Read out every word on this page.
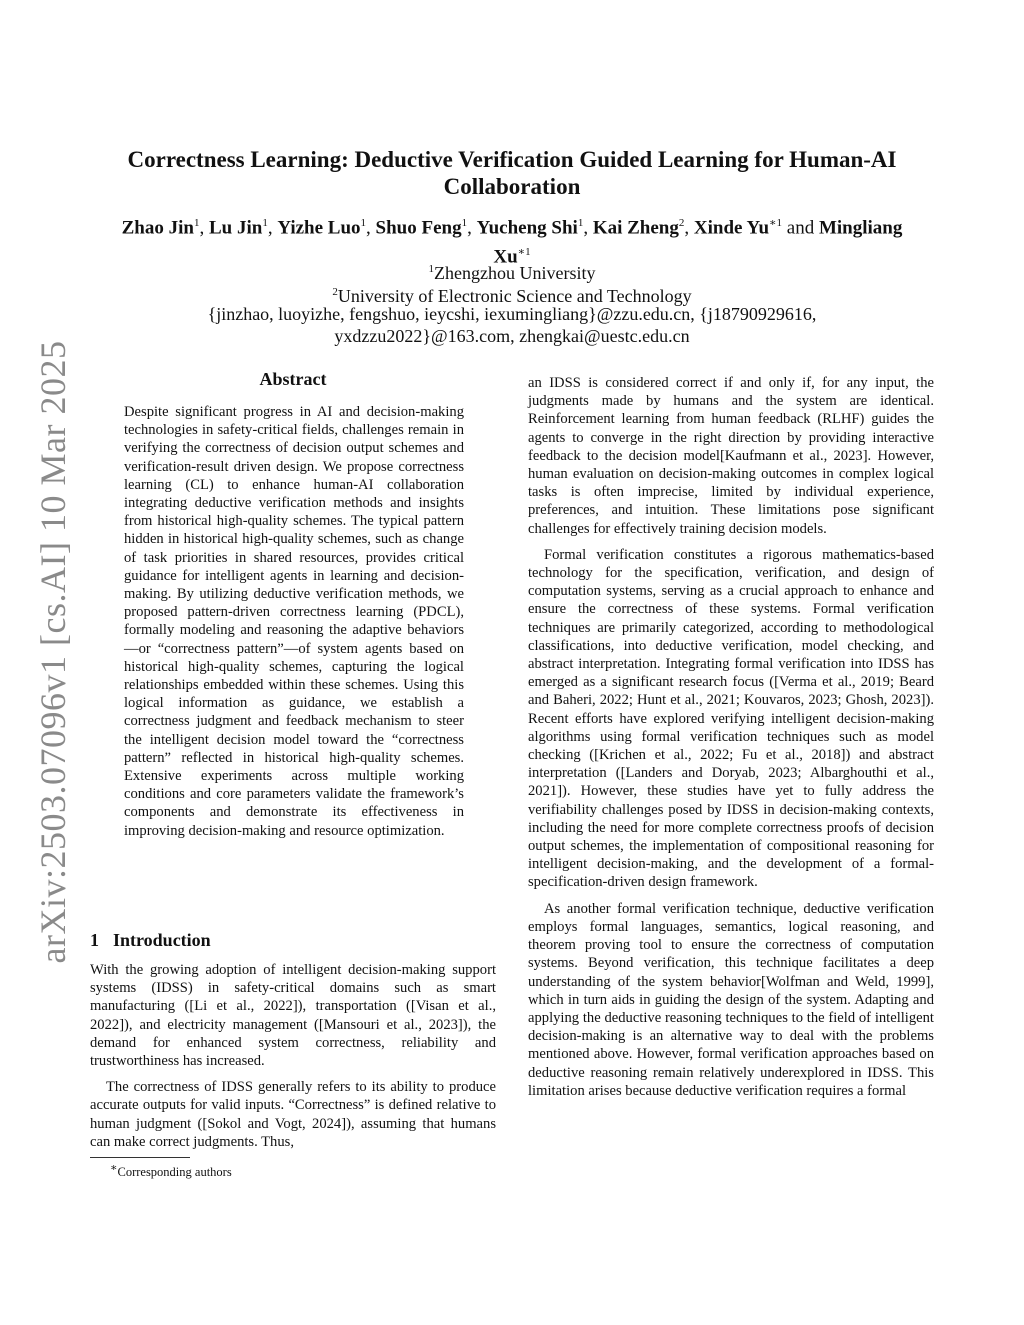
arXiv:2503.07096v1 [cs.AI] 10 Mar 2025
Correctness Learning: Deductive Verification Guided Learning for Human-AI Collaboration
Zhao Jin$^1$, Lu Jin$^1$, Yizhe Luo$^1$, Shuo Feng$^1$, Yucheng Shi$^1$, Kai Zheng$^2$, Xinde $Yu^{∗1}$ and Mingliang $Xu^{∗1}$
$^1$Zhengzhou University
$^2$University of Electronic Science and Technology
{jinzhao, luoyizhe, fengshuo, ieycshi, iexumingliang}@zzu.edu.cn, {j18790929616, yxdzzu2022}@163.com, zhengkai@uestc.edu.cn
Abstract
Despite significant progress in AI and decision-making technologies in safety-critical fields, challenges remain in verifying the correctness of decision output schemes and verification-result driven design. We propose correctness learning (CL) to enhance human-AI collaboration integrating deductive verification methods and insights from historical high-quality schemes. The typical pattern hidden in historical high-quality schemes, such as change of task priorities in shared resources, provides critical guidance for intelligent agents in learning and decision-making. By utilizing deductive verification methods, we proposed pattern-driven correctness learning (PDCL), formally modeling and reasoning the adaptive behaviors—or “correctness pattern”—of system agents based on historical high-quality schemes, capturing the logical relationships embedded within these schemes. Using this logical information as guidance, we establish a correctness judgment and feedback mechanism to steer the intelligent decision model toward the “correctness pattern” reflected in historical high-quality schemes. Extensive experiments across multiple working conditions and core parameters validate the framework’s components and demonstrate its effectiveness in improving decision-making and resource optimization.
1 Introduction

With the growing adoption of intelligent decision-making support systems (IDSS) in safety-critical domains such as smart manufacturing ([Li et al., 2022]), transportation ([Visan et al., 2022]), and electricity management ([Mansouri et al., 2023]), the demand for enhanced system correctness, reliability and trustworthiness has increased.

The correctness of IDSS generally refers to its ability to produce accurate outputs for valid inputs. “Correctness” is defined relative to human judgment ([Sokol and Vogt, 2024]), assuming that humans can make correct judgments. Thus,

an IDSS is considered correct if and only if, for any input, the judgments made by humans and the system are identical. Reinforcement learning from human feedback (RLHF) guides the agents to converge in the right direction by providing interactive feedback to the decision model[Kaufmann et al., 2023]. However, human evaluation on decision-making outcomes in complex logical tasks is often imprecise, limited by individual experience, preferences, and intuition. These limitations pose significant challenges for effectively training decision models.

Formal verification constitutes a rigorous mathematics-based technology for the specification, verification, and design of computation systems, serving as a crucial approach to enhance and ensure the correctness of these systems. Formal verification techniques are primarily categorized, according to methodological classifications, into deductive verification, model checking, and abstract interpretation. Integrating formal verification into IDSS has emerged as a significant research focus ([Verma et al., 2019; Beard and Baheri, 2022; Hunt et al., 2021; Kouvaros, 2023; Ghosh, 2023]). Recent efforts have explored verifying intelligent decision-making algorithms using formal verification techniques such as model checking ([Krichen et al., 2022; Fu et al., 2018]) and abstract interpretation ([Landers and Doryab, 2023; Albarghouthi et al., 2021]). However, these studies have yet to fully address the verifiability challenges posed by IDSS in decision-making contexts, including the need for more complete correctness proofs of decision output schemes, the implementation of compositional reasoning for intelligent decision-making, and the development of a formal-specification-driven design framework.

As another formal verification technique, deductive verification employs formal languages, semantics, logical reasoning, and theorem proving tool to ensure the correctness of computation systems. Beyond verification, this technique facilitates a deep understanding of the system behavior[Wolfman and Weld, 1999], which in turn aids in guiding the design of the system. Adapting and applying the deductive reasoning techniques to the field of intelligent decision-making is an alternative way to deal with the problems mentioned above. However, formal verification approaches based on deductive reasoning remain relatively underexplored in IDSS. This limitation arises because deductive verification requires a formal

∗Corresponding authors
